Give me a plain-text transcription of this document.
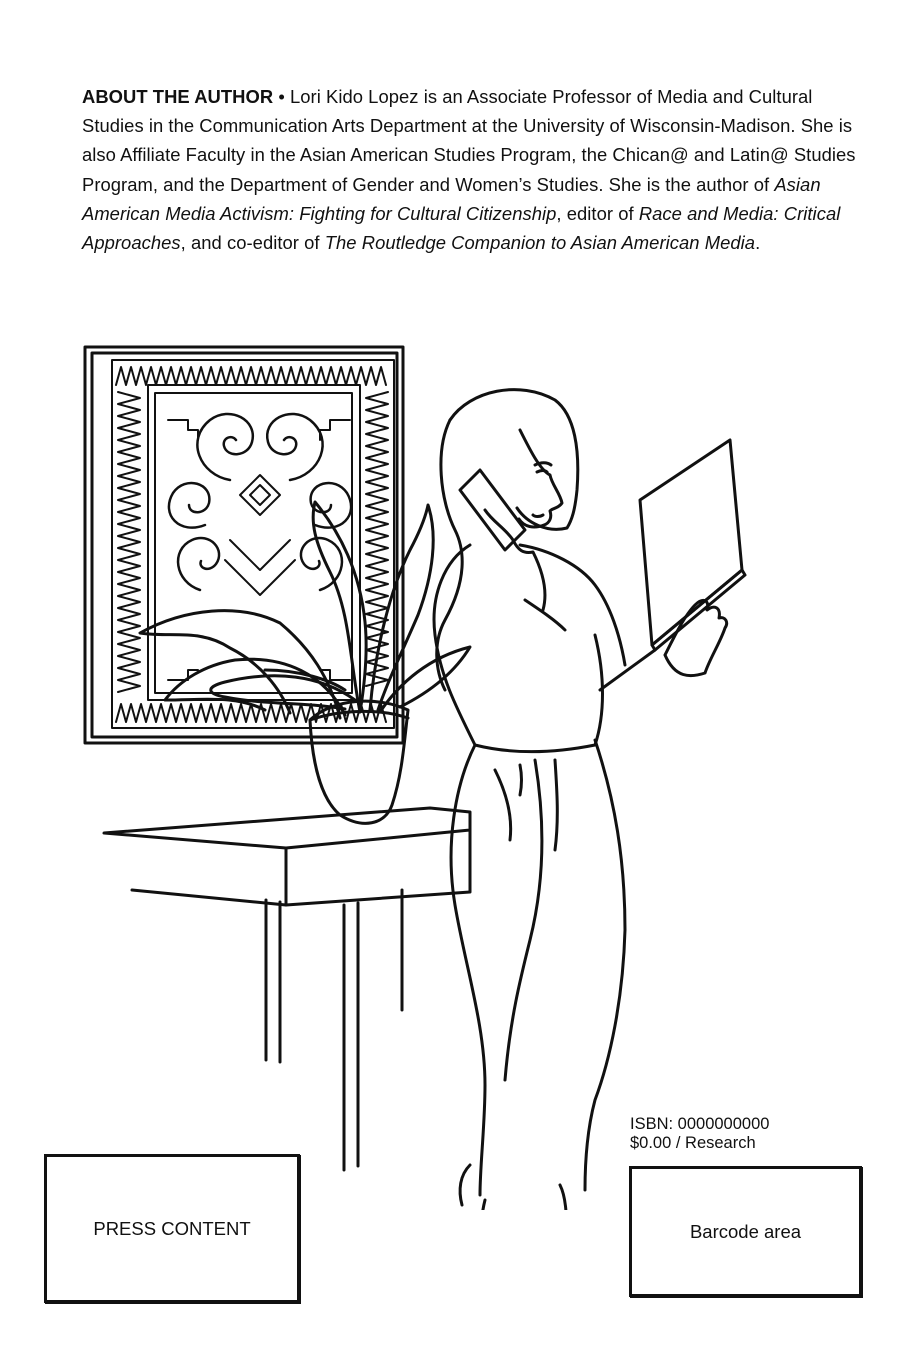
ABOUT THE AUTHOR • Lori Kido Lopez is an Associate Professor of Media and Cultural Studies in the Communication Arts Department at the University of Wisconsin-Madison. She is also Affiliate Faculty in the Asian American Studies Program, the Chican@ and Latin@ Studies Program, and the Department of Gender and Women’s Studies. She is the author of Asian American Media Activism: Fighting for Cultural Citizenship, editor of Race and Media: Critical Approaches, and co-editor of The Routledge Companion to Asian American Media.

ISBN: 0000000000
$0.00 / Research
PRESS CONTENT	Barcode area
